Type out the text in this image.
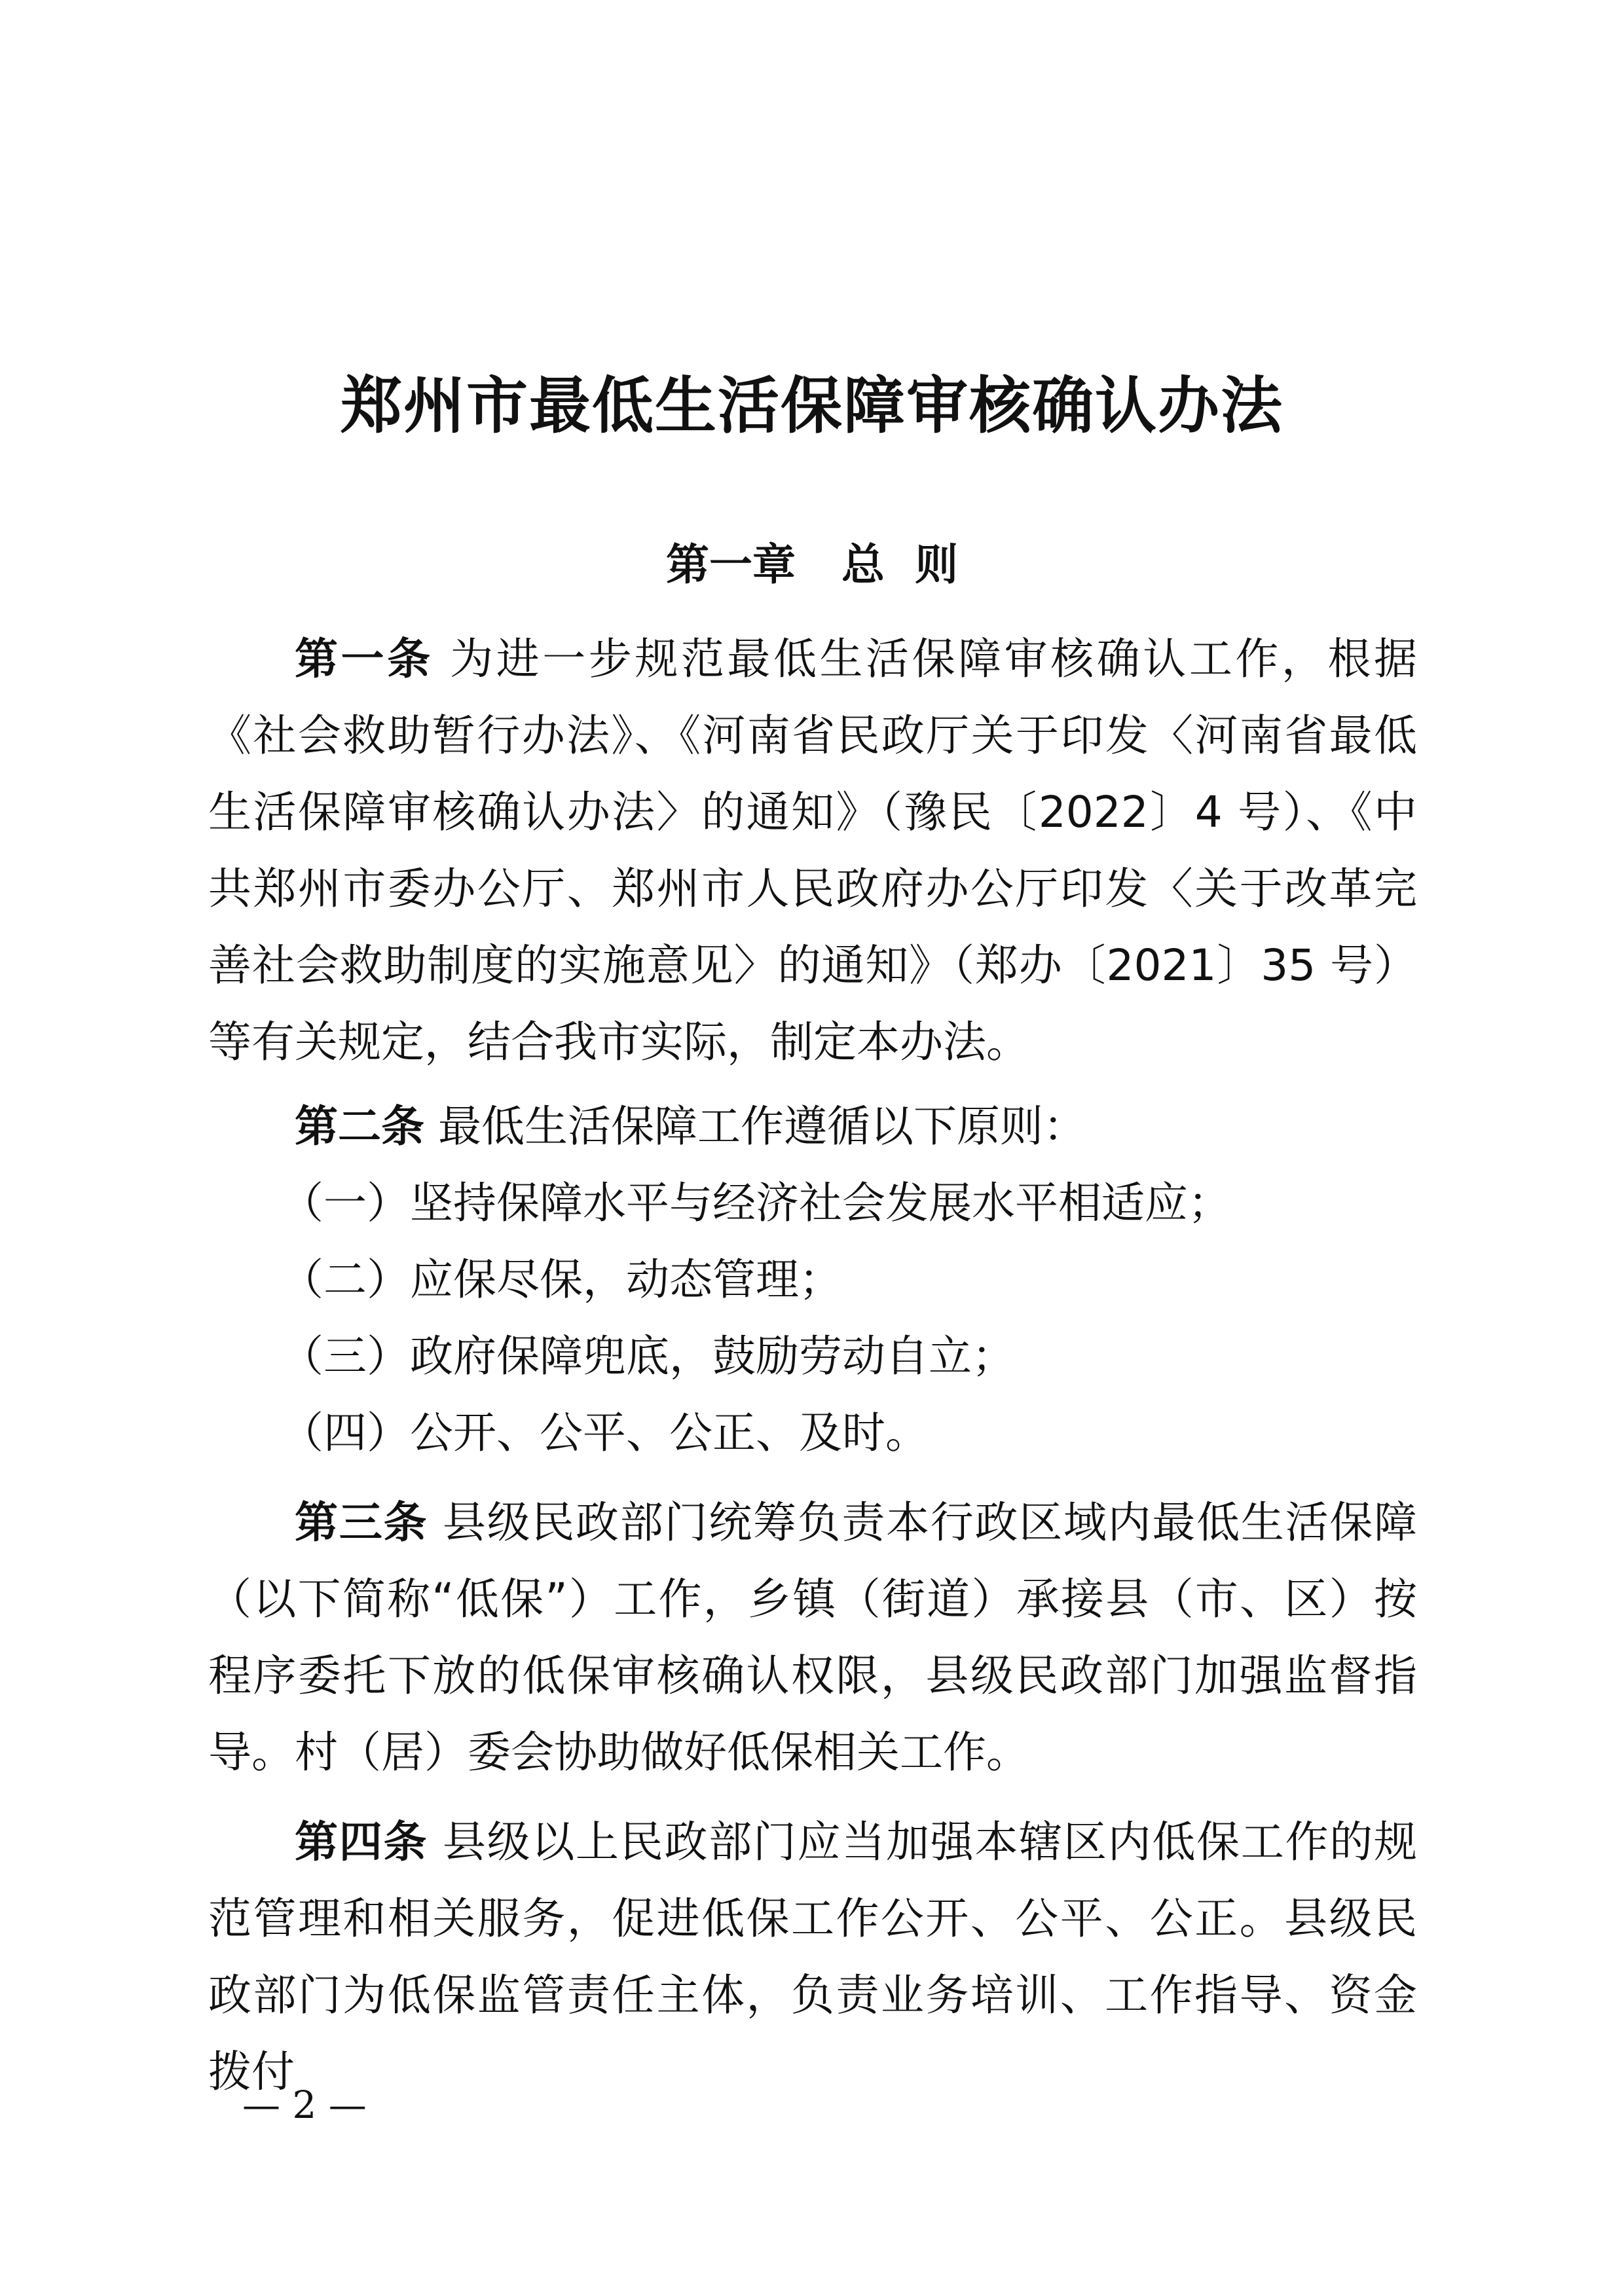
郑州市最低生活保障审核确认办法
第一章 总  则

第一条 为进一步规范最低生活保障审核确认工作，根据《社会救助暂行办法》、《河南省民政厅关于印发〈河南省最低生活保障审核确认办法〉的通知》（豫民〔2022〕4 号）、《中共郑州市委办公厅、郑州市人民政府办公厅印发〈关于改革完善社会救助制度的实施意见〉的通知》（郑办〔2021〕35 号）等有关规定，结合我市实际，制定本办法。

第二条 最低生活保障工作遵循以下原则：

（一）坚持保障水平与经济社会发展水平相适应；

（二）应保尽保，动态管理；

（三）政府保障兜底，鼓励劳动自立；

（四）公开、公平、公正、及时。

第三条 县级民政部门统筹负责本行政区域内最低生活保障（以下简称“低保”）工作，乡镇（街道）承接县（市、区）按程序委托下放的低保审核确认权限，县级民政部门加强监督指导。村（居）委会协助做好低保相关工作。

第四条 县级以上民政部门应当加强本辖区内低保工作的规范管理和相关服务，促进低保工作公开、公平、公正。县级民政部门为低保监管责任主体，负责业务培训、工作指导、资金拨付

— 2 —
